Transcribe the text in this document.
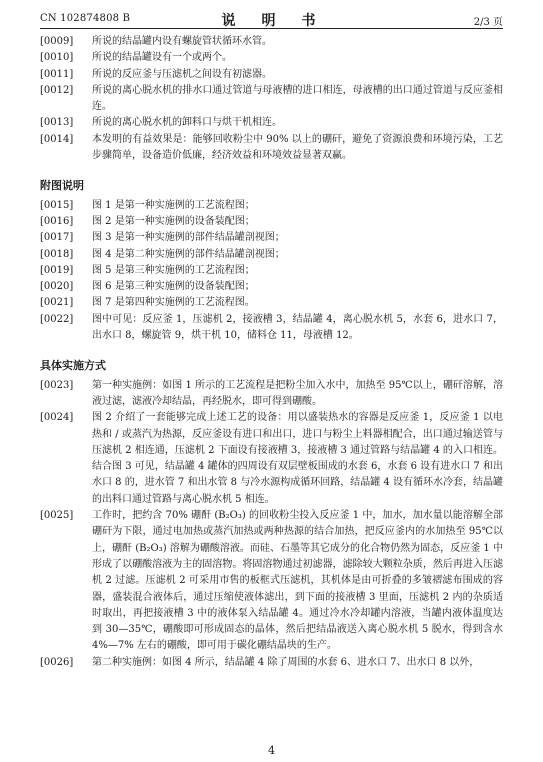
CN 102874808 B	说　明　书	2/3 页

[0009] 所说的结晶罐内设有螺旋管状循环水管。

[0010] 所说的结晶罐设有一个或两个。

[0011] 所说的反应釜与压滤机之间设有初滤器。

[0012] 所说的离心脱水机的排水口通过管道与母液槽的进口相连，母液槽的出口通过管道与反应釜相连。

[0013] 所说的离心脱水机的卸料口与烘干机相连。

[0014] 本发明的有益效果是：能够回收粉尘中 90% 以上的硼矸，避免了资源浪费和环境污染，工艺步骤简单，设备造价低廉，经济效益和环境效益显著双赢。

附图说明

[0015] 图 1 是第一种实施例的工艺流程图；

[0016] 图 2 是第一种实施例的设备装配图；

[0017] 图 3 是第一种实施例的部件结晶罐剖视图；

[0018] 图 4 是第二种实施例的部件结晶罐剖视图；

[0019] 图 5 是第三种实施例的工艺流程图；

[0020] 图 6 是第三种实施例的设备装配图；

[0021] 图 7 是第四种实施例的工艺流程图。

[0022] 图中可见：反应釜 1，压滤机 2，接液槽 3，结晶罐 4，离心脱水机 5，水套 6，进水口 7，出水口 8，螺旋管 9，烘干机 10，储料仓 11，母液槽 12。

具体实施方式

[0023] 第一种实施例：如图 1 所示的工艺流程是把粉尘加入水中，加热至 95℃以上，硼矸溶解，溶液过滤，滤液冷却结晶，再经脱水，即可得到硼酸。

[0024] 图 2 介绍了一套能够完成上述工艺的设备：用以盛装热水的容器是反应釜 1，反应釜 1 以电热和 / 或蒸汽为热源，反应釜设有进口和出口，进口与粉尘上料器相配合，出口通过输送管与压滤机 2 相连通，压滤机 2 下面设有接液槽 3，接液槽 3 通过管路与结晶罐 4 的入口相连。结合图 3 可见，结晶罐 4 罐体的四周设有双层壁板围成的水套 6，水套 6 设有进水口 7 和出水口 8 的，进水管 7 和出水管 8 与冷水源构成循环回路，结晶罐 4 设有循环水冷套，结晶罐的出料口通过管路与离心脱水机 5 相连。

[0025] 工作时，把约含 70% 硼酐 (B₂O₃) 的回收粉尘投入反应釜 1 中，加水，加水量以能溶解全部硼矸为下限，通过电加热或蒸汽加热或两种热源的结合加热，把反应釜内的水加热至 95℃以上，硼酐 (B₂O₃) 溶解为硼酸溶液。而硅、石墨等其它成分的化合物仍然为固态，反应釜 1 中形成了以硼酸溶液为主的固溶物。将固溶物通过初滤器，滤除较大颗粒杂质，然后再进入压滤机 2 过滤。压滤机 2 可采用市售的板框式压滤机，其机体是由可折叠的多皱褶滤布围成的容器，盛装混合液体后，通过压缩使液体滤出，到下面的接液槽 3 里面，压滤机 2 内的杂质适时取出，再把接液槽 3 中的液体泵入结晶罐 4。通过冷水冷却罐内溶液，当罐内液体温度达到 30—35℃，硼酸即可形成固态的晶体，然后把结晶液送入离心脱水机 5 脱水，得到含水 4%—7% 左右的硼酸，即可用于碳化硼结晶块的生产。

[0026] 第二种实施例：如图 4 所示，结晶罐 4 除了周围的水套 6、进水口 7、出水口 8 以外，

4
